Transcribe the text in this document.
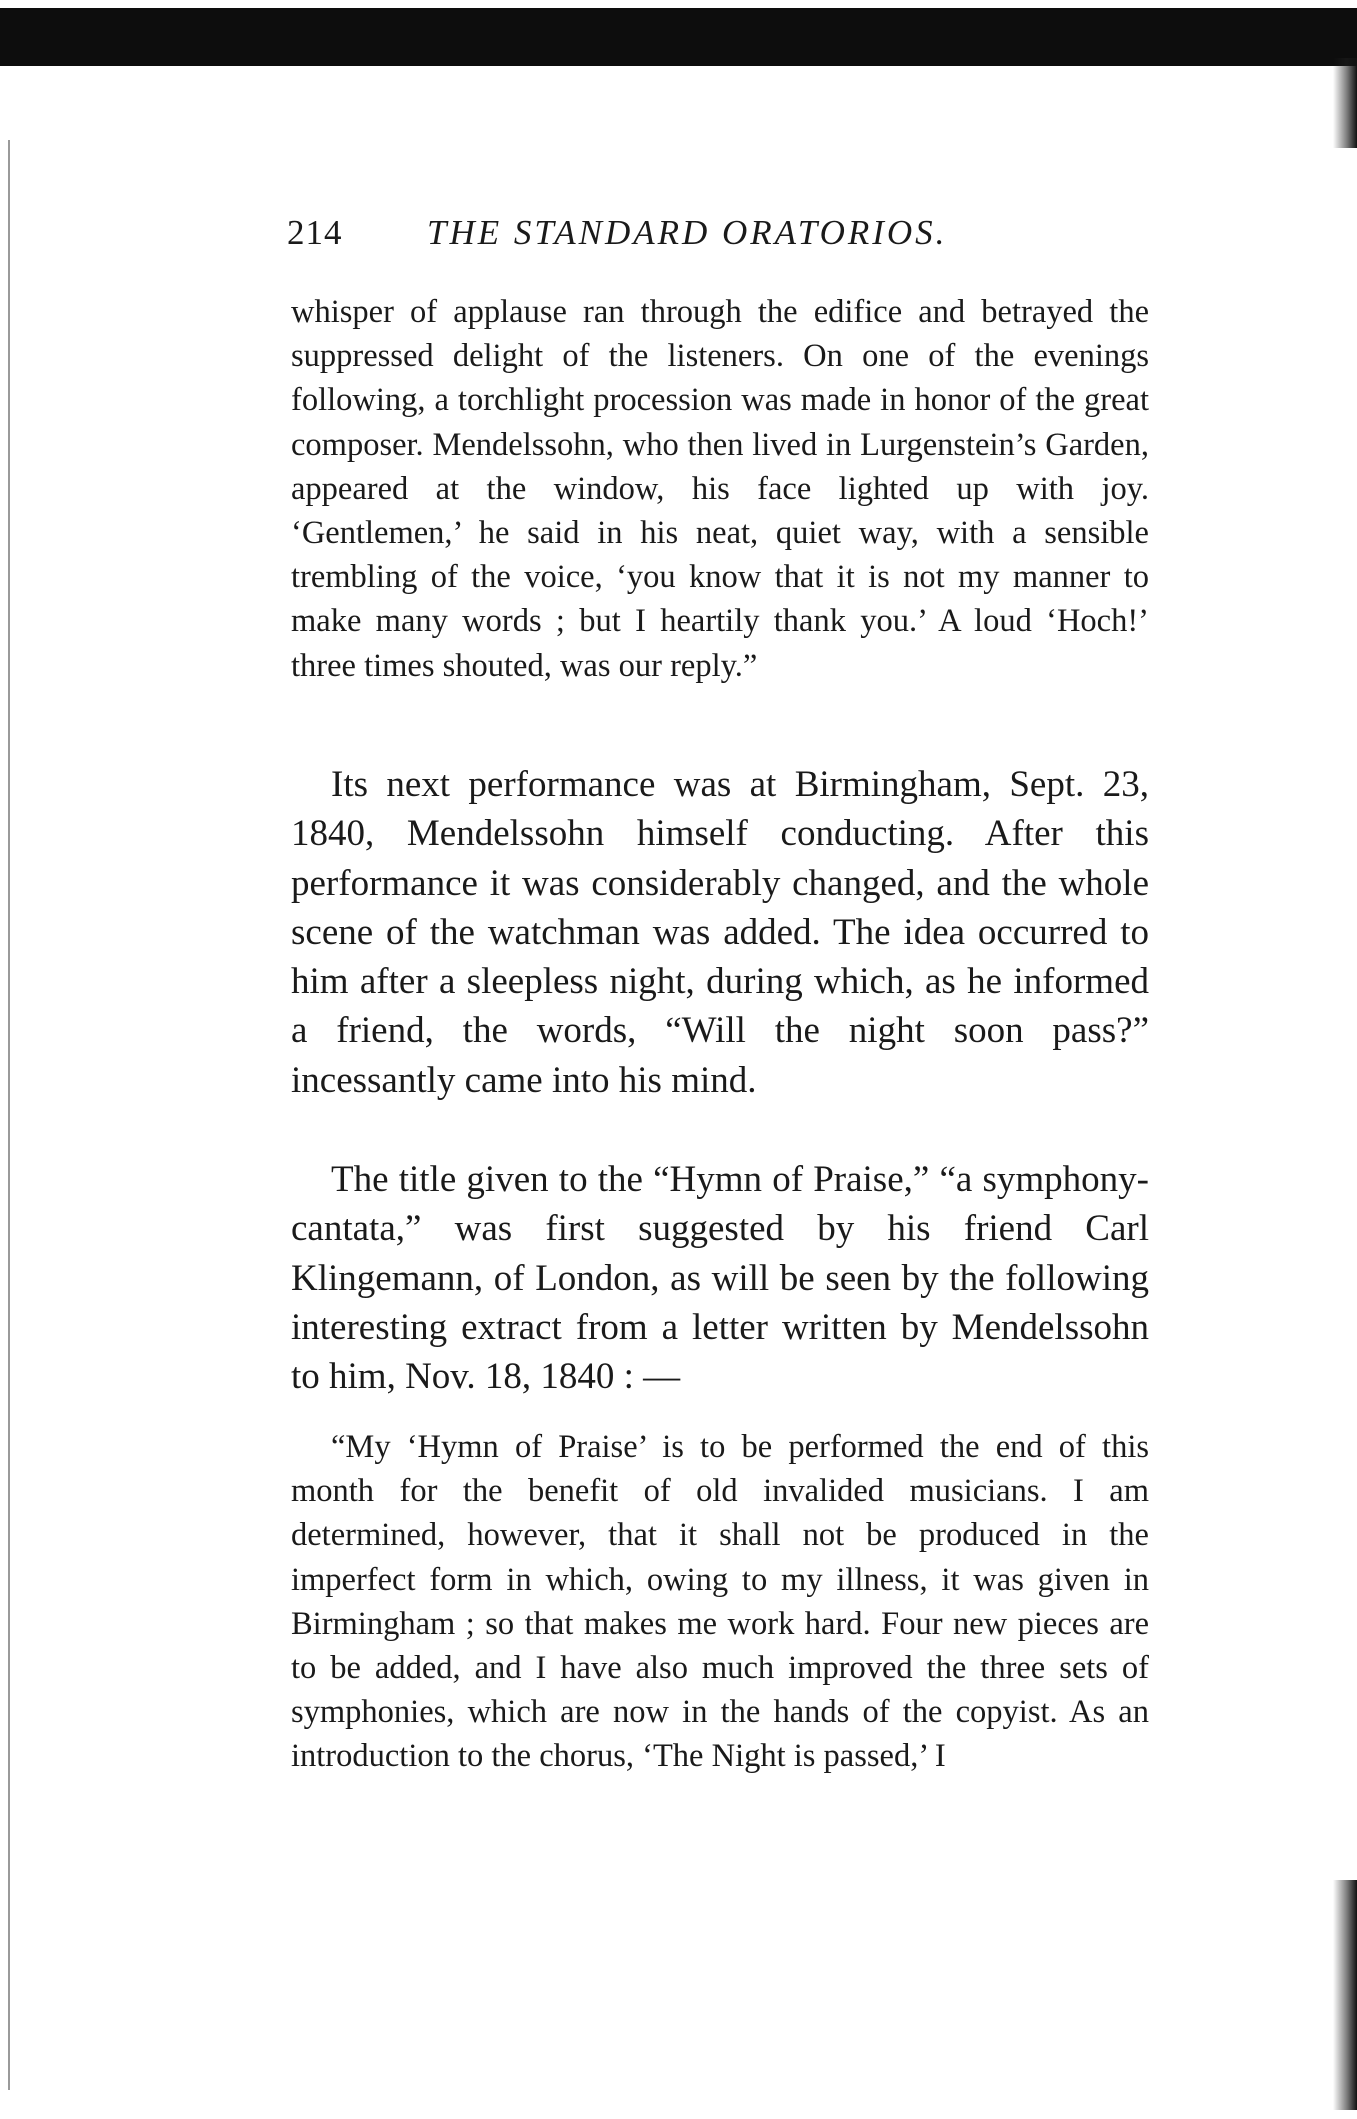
214 THE STANDARD ORATORIOS.

whisper of applause ran through the edifice and betrayed the suppressed delight of the listeners. On one of the evenings following, a torchlight procession was made in honor of the great composer. Mendelssohn, who then lived in Lurgenstein’s Garden, appeared at the window, his face lighted up with joy. ‘Gentlemen,’ he said in his neat, quiet way, with a sensible trembling of the voice, ‘you know that it is not my manner to make many words ; but I heartily thank you.’ A loud ‘Hoch!’ three times shouted, was our reply.”

Its next performance was at Birmingham, Sept. 23, 1840, Mendelssohn himself conducting. After this performance it was considerably changed, and the whole scene of the watchman was added. The idea occurred to him after a sleepless night, during which, as he informed a friend, the words, “Will the night soon pass?” incessantly came into his mind.

The title given to the “Hymn of Praise,” “a symphony-cantata,” was first suggested by his friend Carl Klingemann, of London, as will be seen by the following interesting extract from a letter written by Mendelssohn to him, Nov. 18, 1840 : —

“My ‘Hymn of Praise’ is to be performed the end of this month for the benefit of old invalided musicians. I am determined, however, that it shall not be produced in the imperfect form in which, owing to my illness, it was given in Birmingham ; so that makes me work hard. Four new pieces are to be added, and I have also much improved the three sets of symphonies, which are now in the hands of the copyist. As an introduction to the chorus, ‘The Night is passed,’ I
